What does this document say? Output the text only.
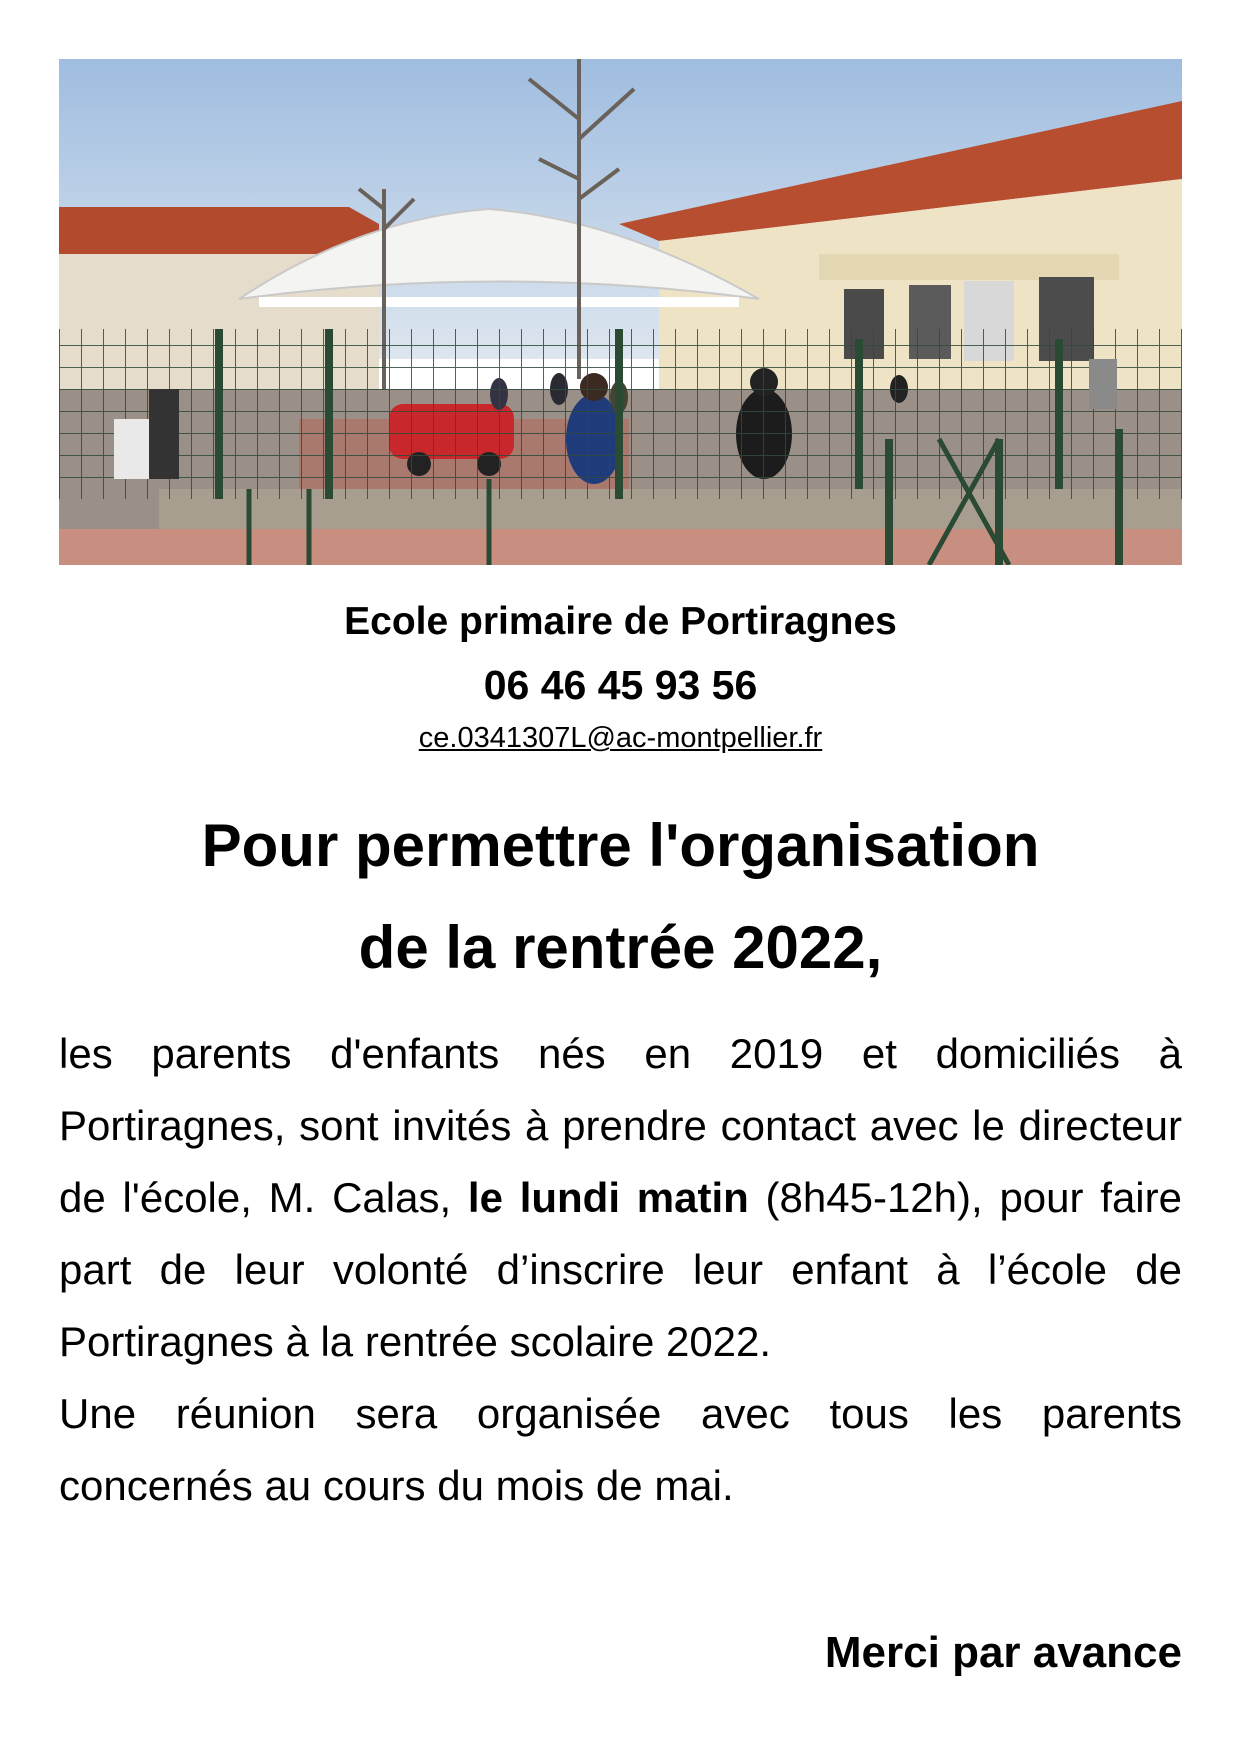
Ecole primaire de Portiragnes
06 46 45 93 56
ce.0341307L@ac-montpellier.fr
Pour permettre l'organisation
de la rentrée 2022,

les parents d'enfants nés en 2019 et domiciliés à Portiragnes, sont invités à prendre contact avec le directeur de l'école, M. Calas, le lundi matin (8h45-12h), pour faire part de leur volonté d’inscrire leur enfant à l’école de Portiragnes à la rentrée scolaire 2022.

Une réunion sera organisée avec tous les parents concernés au cours du mois de mai.

Merci par avance
